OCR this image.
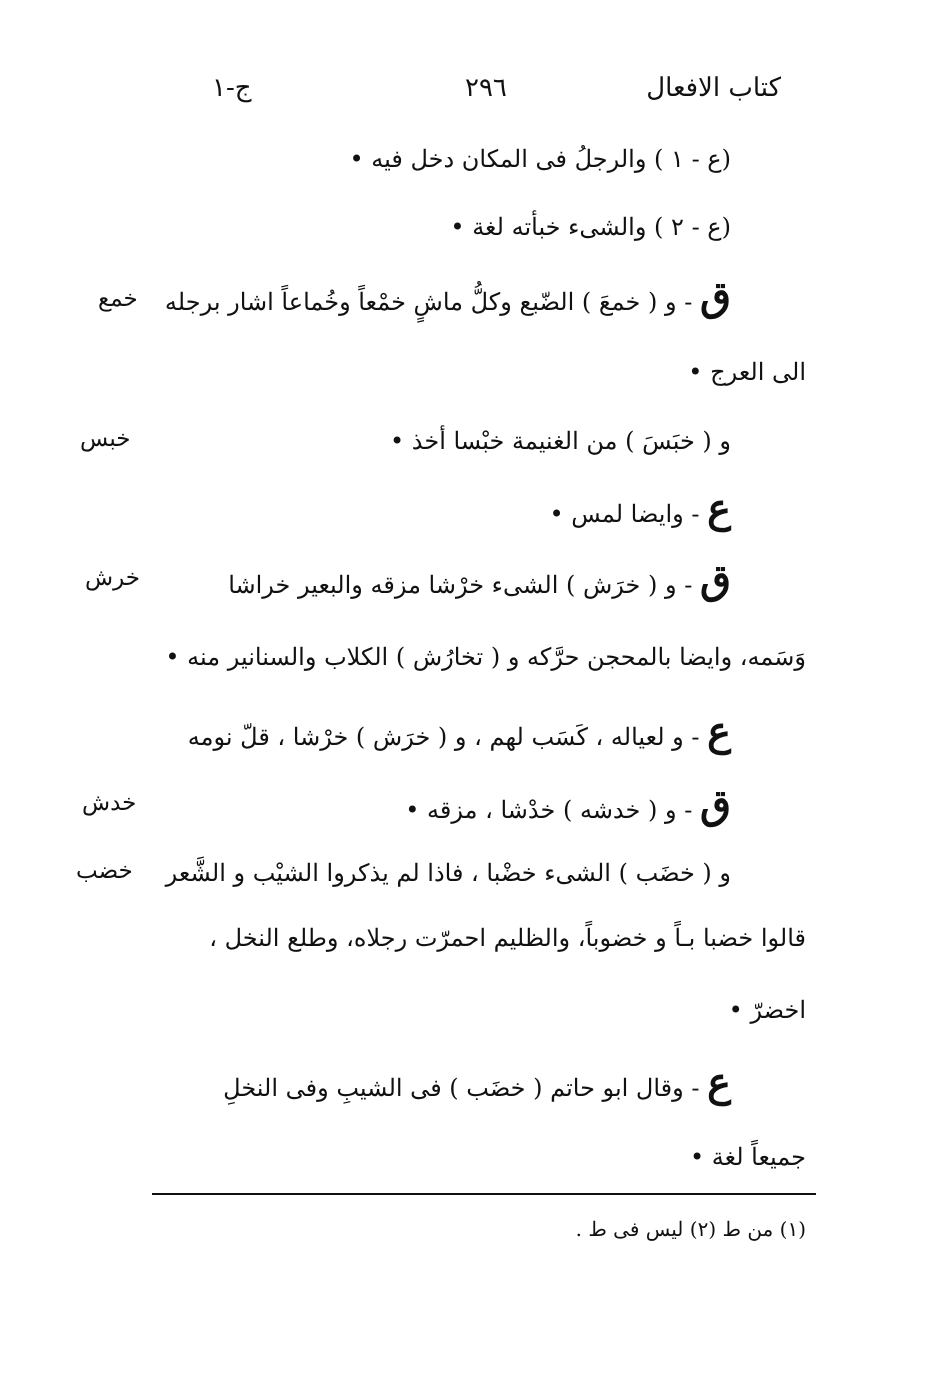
كتاب الافعال
٢٩٦
ج-١
خمع
خبس
خرش
خدش
خضب
(ع - ١ ) والرجلُ فى المكان دخل فيه •
(ع - ٢ ) والشىء خبأته لغة •
ق - و ( خمعَ ) الضّبع وكلُّ ماشٍ خمْعاً وخُماعاً اشار برجله
الى العرج •
و ( خبَسَ ) من الغنيمة خبْسا أخذ •
ع - وايضا لمس •
ق - و ( خرَش ) الشىء خرْشا مزقه والبعير خراشا
وَسَمه، وايضا بالمحجن حرَّكه و ( تخارُش ) الكلاب والسنانير منه •
ع - و لعياله ، كَسَب لهم ، و ( خرَش ) خرْشا ، قلّ نومه
ق - و ( خدشه ) خدْشا ، مزقه •
و ( خضَب ) الشىء خضْبا ، فاذا لم يذكروا الشيْب و الشَّعر
قالوا خضبا بـاً و خضوباً، والظليم احمرّت رجلاه، وطلع النخل ،
اخضرّ •
ع - وقال ابو حاتم ( خضَب ) فى الشيبِ وفى النخلِ
جميعاً لغة •
(١) من ط (٢) ليس فى ط .
